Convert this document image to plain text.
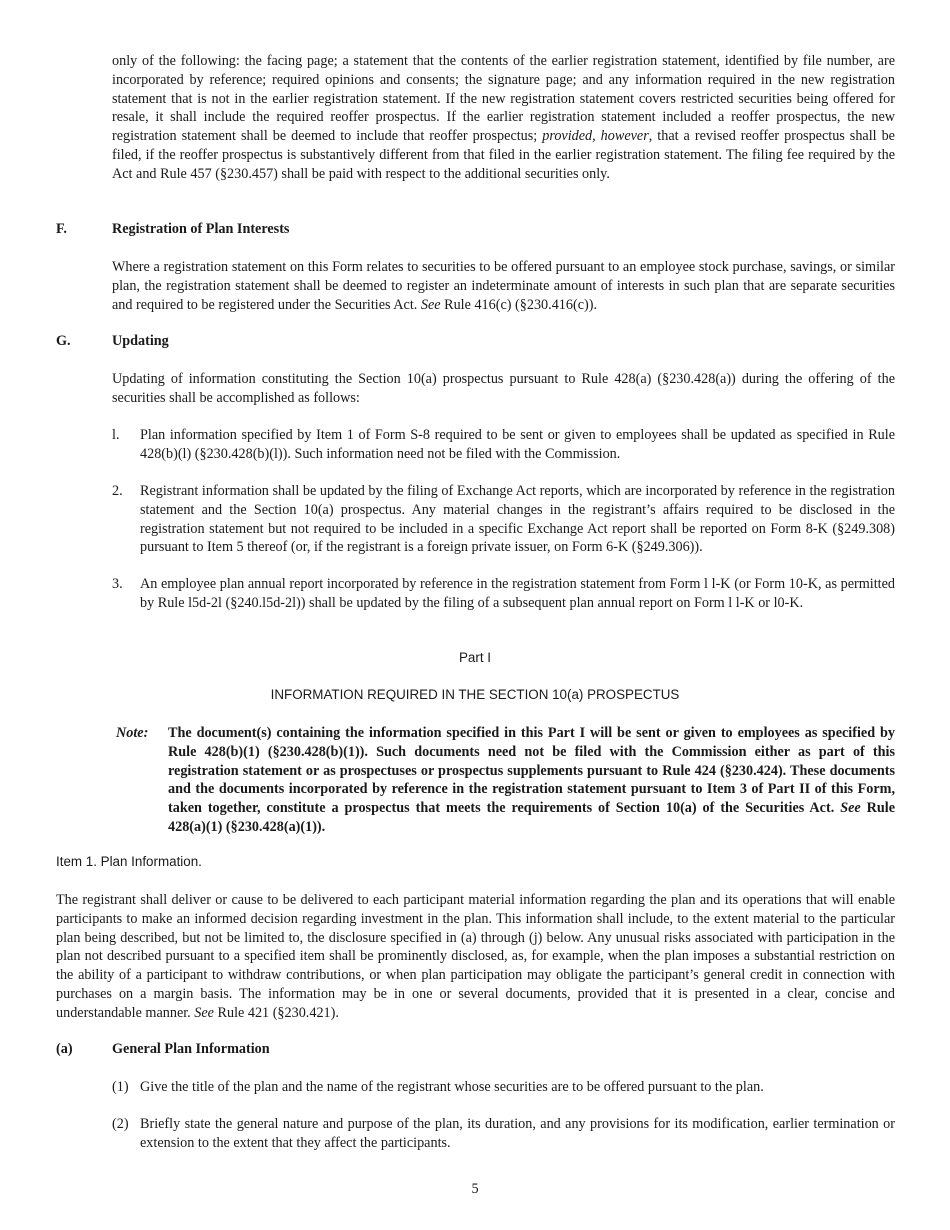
only of the following: the facing page; a statement that the contents of the earlier registration statement, identified by file number, are incorporated by reference; required opinions and consents; the signature page; and any information required in the new registration statement that is not in the earlier registration statement. If the new registration statement covers restricted securities being offered for resale, it shall include the required reoffer prospectus. If the earlier registration statement included a reoffer prospectus, the new registration statement shall be deemed to include that reoffer prospectus; provided, however, that a revised reoffer prospectus shall be filed, if the reoffer prospectus is substantively different from that filed in the earlier registration statement. The filing fee required by the Act and Rule 457 (§230.457) shall be paid with respect to the additional securities only.

F.	Registration of Plan Interests

Where a registration statement on this Form relates to securities to be offered pursuant to an employee stock purchase, savings, or similar plan, the registration statement shall be deemed to register an indeterminate amount of interests in such plan that are separate securities and required to be registered under the Securities Act. See Rule 416(c) (§230.416(c)).

G.	Updating

Updating of information constituting the Section 10(a) prospectus pursuant to Rule 428(a) (§230.428(a)) during the offering of the securities shall be accomplished as follows:

l. Plan information specified by Item 1 of Form S-8 required to be sent or given to employees shall be updated as specified in Rule 428(b)(l) (§230.428(b)(l)). Such information need not be filed with the Commission.

2. Registrant information shall be updated by the filing of Exchange Act reports, which are incorporated by reference in the registration statement and the Section 10(a) prospectus. Any material changes in the registrant’s affairs required to be disclosed in the registration statement but not required to be included in a specific Exchange Act report shall be reported on Form 8-K (§249.308) pursuant to Item 5 thereof (or, if the registrant is a foreign private issuer, on Form 6-K (§249.306)).

3. An employee plan annual report incorporated by reference in the registration statement from Form l l-K (or Form 10-K, as permitted by Rule l5d-2l (§240.l5d-2l)) shall be updated by the filing of a subsequent plan annual report on Form l l-K or l0-K.

Part I
INFORMATION REQUIRED IN THE SECTION 10(a) PROSPECTUS
Note: The document(s) containing the information specified in this Part I will be sent or given to employees as specified by Rule 428(b)(1) (§230.428(b)(1)). Such documents need not be filed with the Commission either as part of this registration statement or as prospectuses or prospectus supplements pursuant to Rule 424 (§230.424). These documents and the documents incorporated by reference in the registration statement pursuant to Item 3 of Part II of this Form, taken together, constitute a prospectus that meets the requirements of Section 10(a) of the Securities Act. See Rule 428(a)(1) (§230.428(a)(1)).

Item 1. Plan Information.

The registrant shall deliver or cause to be delivered to each participant material information regarding the plan and its operations that will enable participants to make an informed decision regarding investment in the plan. This information shall include, to the extent material to the particular plan being described, but not be limited to, the disclosure specified in (a) through (j) below. Any unusual risks associated with participation in the plan not described pursuant to a specified item shall be prominently disclosed, as, for example, when the plan imposes a substantial restriction on the ability of a participant to withdraw contributions, or when plan participation may obligate the participant’s general credit in connection with purchases on a margin basis. The information may be in one or several documents, provided that it is presented in a clear, concise and understandable manner. See Rule 421 (§230.421).

(a)	General Plan Information
(1) Give the title of the plan and the name of the registrant whose securities are to be offered pursuant to the plan.

(2) Briefly state the general nature and purpose of the plan, its duration, and any provisions for its modification, earlier termination or extension to the extent that they affect the participants.

5
